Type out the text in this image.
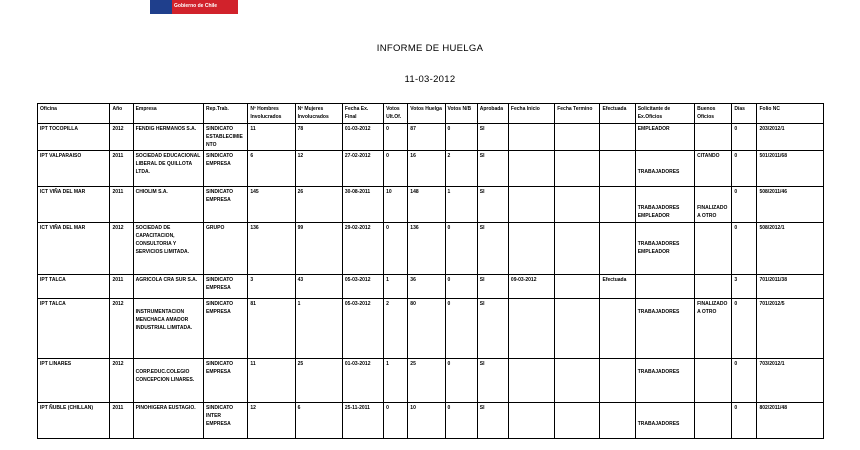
Gobierno de Chile
INFORME DE HUELGA
11-03-2012
Oficina	Año	Empresa	Rep.Trab.	Nº Hombres Involucrados	Nº Mujeres Involucrados	Fecha Ex. Final	Votos Ult.Of.	Votos Huelga	Votos N/B	Aprobada	Fecha Inicio	Fecha Termino	Efectuada	Solicitante de Ex.Oficios	Buenos Oficios	Días	Folio NC
IPT TOCOPILLA	2012	FENDIG HERMANOS S.A.	SINDICATO ESTABLECIMIENTO	11	78	01-03-2012	0	87	0	SI				EMPLEADOR		0	203/2012/1
IPT VALPARAISO	2011	SOCIEDAD EDUCACIONAL LIBERAL DE QUILLOTA LTDA.	SINDICATO EMPRESA	6	12	27-02-2012	0	16	2	SI				TRABAJADORES	CITANDO	0	501/2011/68
ICT VIÑA DEL MAR	2011	CHIOLIM S.A.	SINDICATO EMPRESA	145	26	30-08-2011	10	148	1	SI				TRABAJADORES EMPLEADOR	FINALIZADO A OTRO	0	508/2011/46
ICT VIÑA DEL MAR	2012	SOCIEDAD DE CAPACITACION, CONSULTORIA Y SERVICIOS LIMITADA.	GRUPO	136	99	29-02-2012	0	136	0	SI				TRABAJADORES EMPLEADOR		0	508/2012/1
IPT TALCA	2011	AGRICOLA CRA SUR S.A.	SINDICATO EMPRESA	3	43	05-03-2012	1	36	0	SI	09-03-2012		Efectuada			3	701/2011/38
IPT TALCA	2012	INSTRUMENTACION MENCHACA AMADOR INDUSTRIAL LIMITADA.	SINDICATO EMPRESA	81	1	05-03-2012	2	80	0	SI				TRABAJADORES	FINALIZADO A OTRO	0	701/2012/5
IPT LINARES	2012	CORP.EDUC.COLEGIO CONCEPCION LINARES.	SINDICATO EMPRESA	11	25	01-03-2012	1	25	0	SI				TRABAJADORES		0	703/2012/1
IPT ÑUBLE (CHILLAN)	2011	PINOHIGERA EUSTAGIO.	SINDICATO INTER EMPRESA	12	6	25-11-2011	0	10	0	SI				TRABAJADORES		0	802/2011/48
